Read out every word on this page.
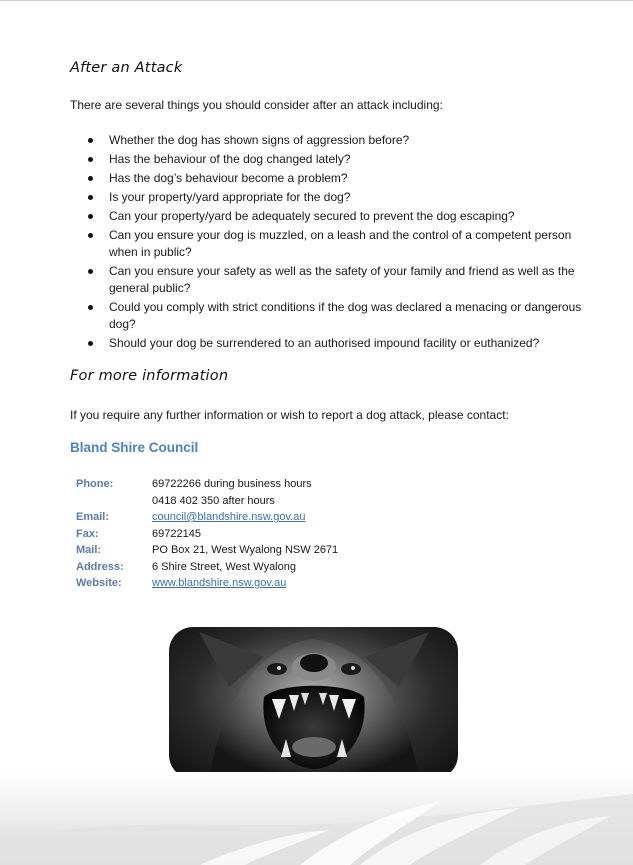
After an Attack

There are several things you should consider after an attack including:

Whether the dog has shown signs of aggression before?
Has the behaviour of the dog changed lately?
Has the dog’s behaviour become a problem?
Is your property/yard appropriate for the dog?
Can your property/yard be adequately secured to prevent the dog escaping?
Can you ensure your dog is muzzled, on a leash and the control of a competent person when in public?
Can you ensure your safety as well as the safety of your family and friend as well as the general public?
Could you comply with strict conditions if the dog was declared a menacing or dangerous dog?
Should your dog be surrendered to an authorised impound facility or euthanized?
For more information

If you require any further information or wish to report a dog attack, please contact:

Bland Shire Council
Phone:	69722266 during business hours
0418 402 350 after hours
Email:	council@blandshire.nsw.gov.au
Fax:	69722145
Mail:	PO Box 21, West Wyalong NSW 2671
Address:	6 Shire Street, West Wyalong
Website:	www.blandshire.nsw.gov.au
